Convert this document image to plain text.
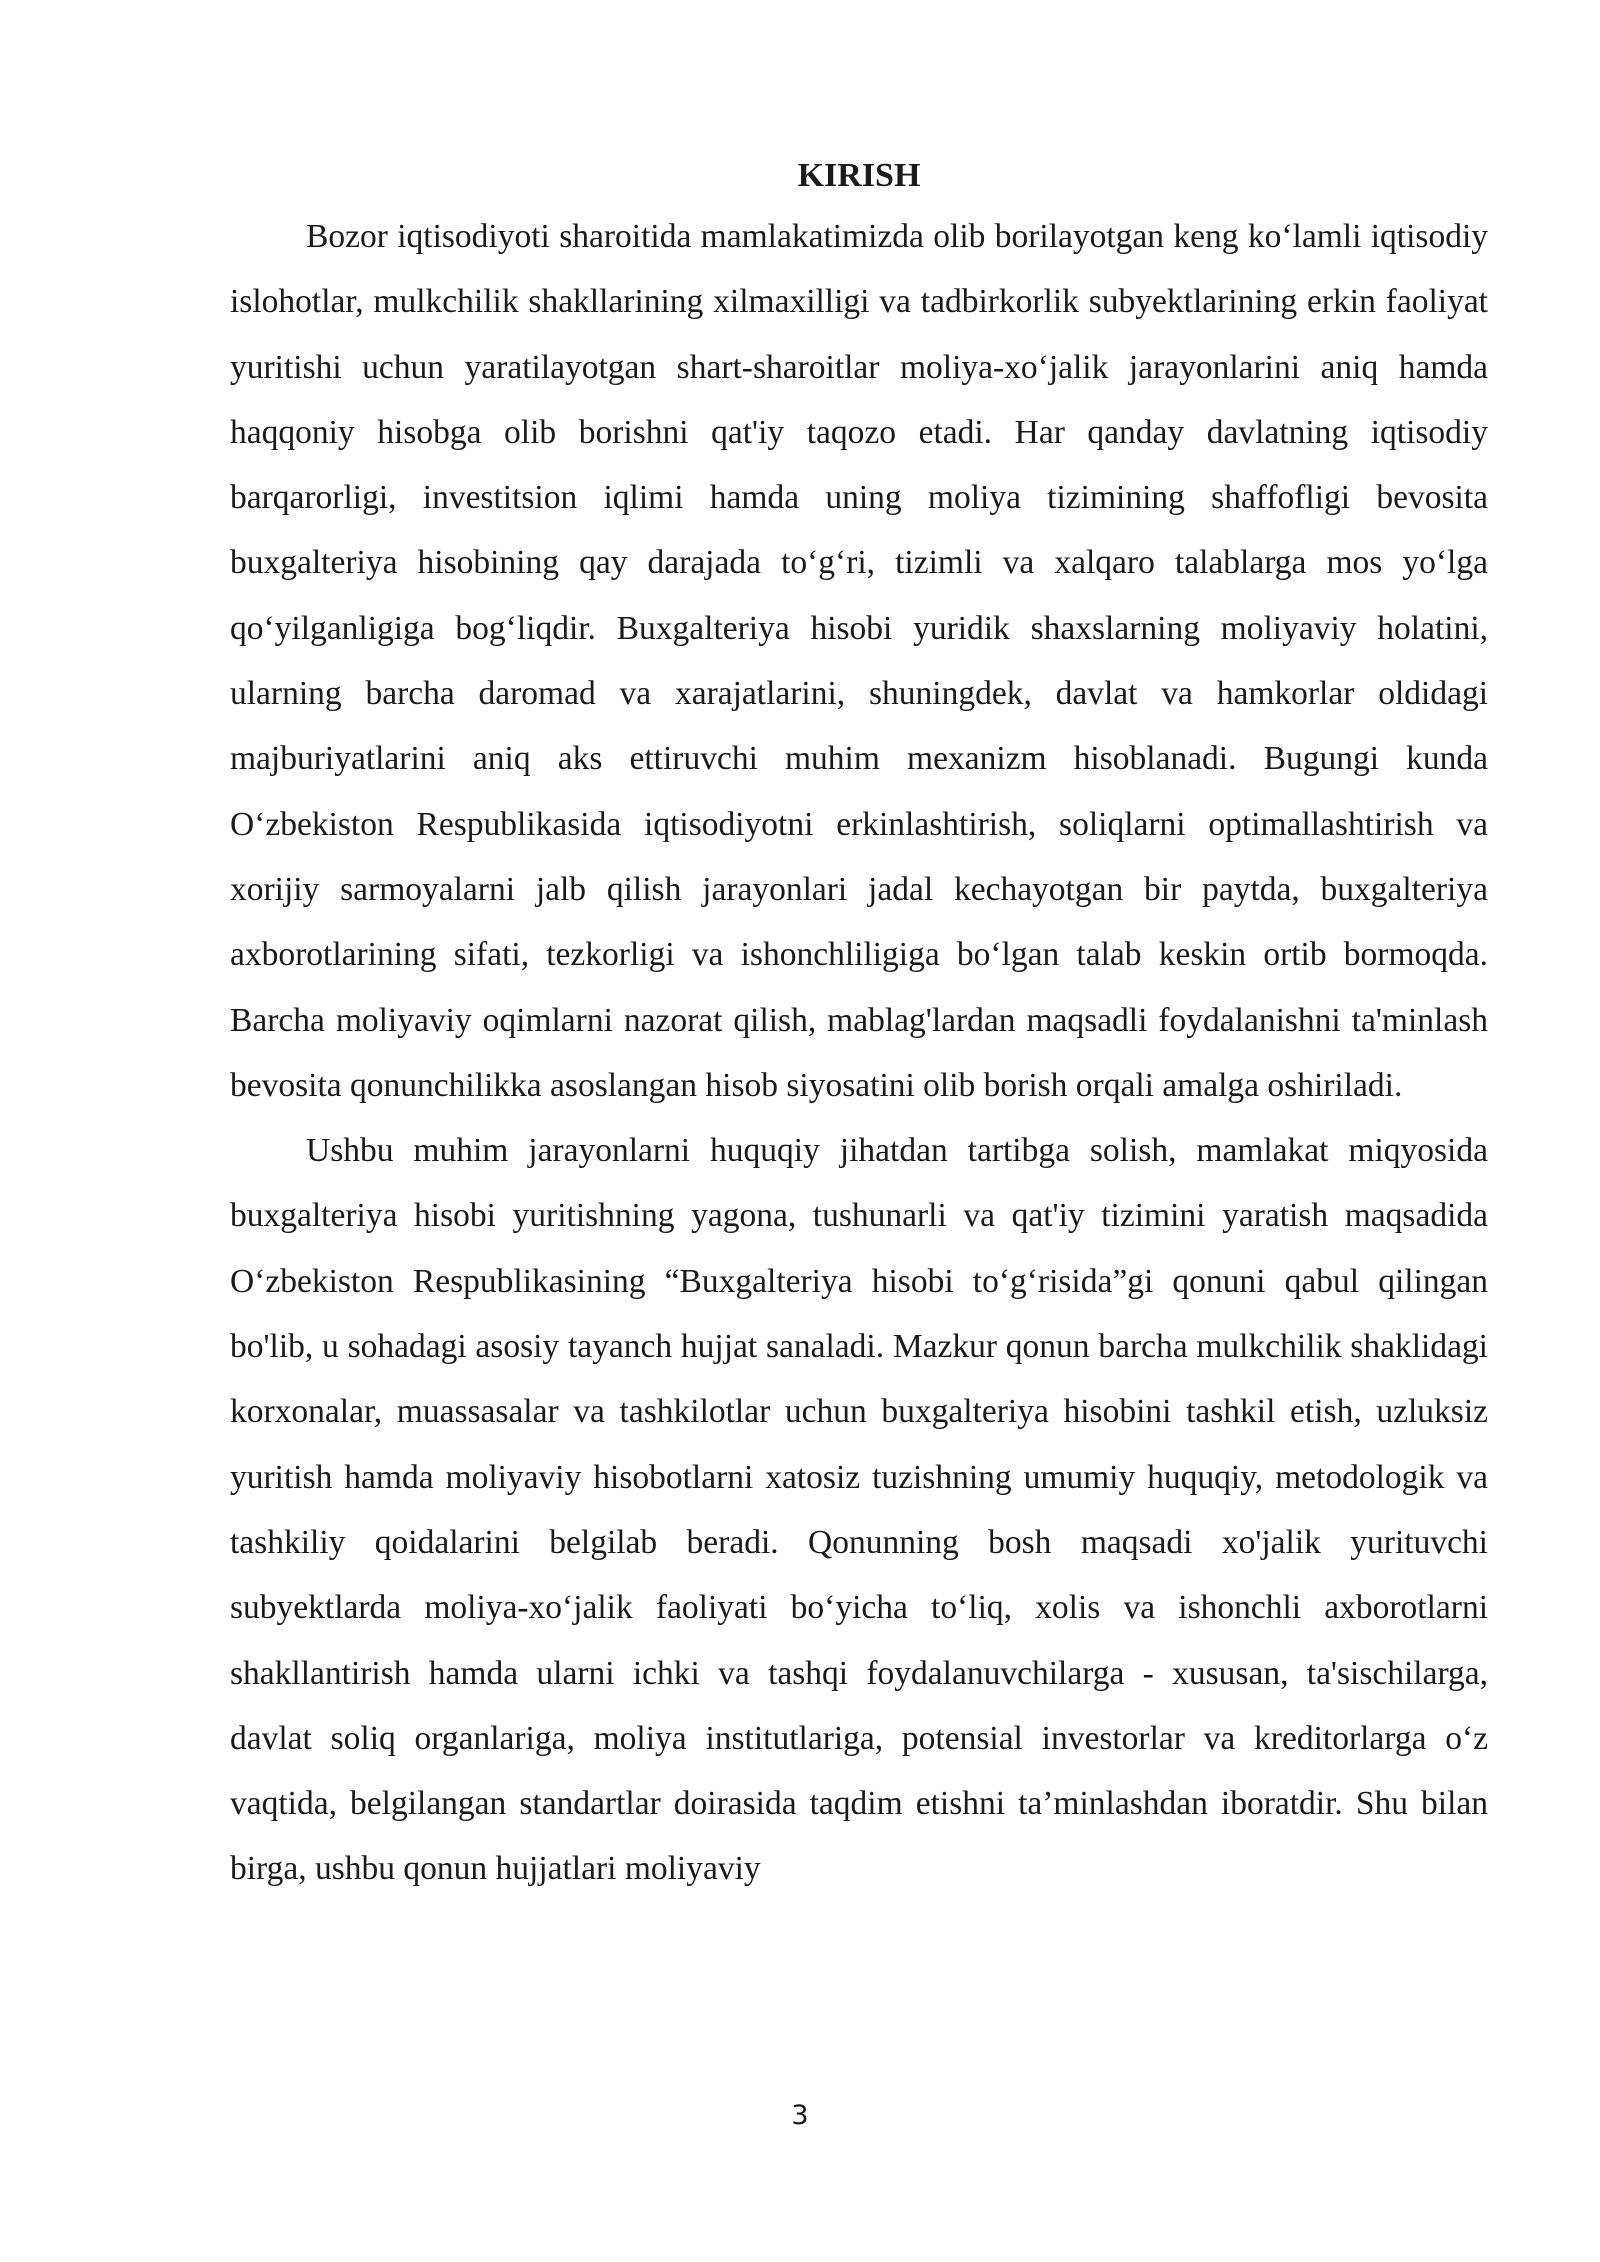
KIRISH

Bozor iqtisodiyoti sharoitida mamlakatimizda olib borilayotgan keng ko‘lamli iqtisodiy islohotlar, mulkchilik shakllarining xilmaxilligi va tadbirkorlik subyektlarining erkin faoliyat yuritishi uchun yaratilayotgan shart-sharoitlar moliya-xo‘jalik jarayonlarini aniq hamda haqqoniy hisobga olib borishni qat'iy taqozo etadi. Har qanday davlatning iqtisodiy barqarorligi, investitsion iqlimi hamda uning moliya tizimining shaffofligi bevosita buxgalteriya hisobining qay darajada to‘g‘ri, tizimli va xalqaro talablarga mos yo‘lga qo‘yilganligiga bog‘liqdir. Buxgalteriya hisobi yuridik shaxslarning moliyaviy holatini, ularning barcha daromad va xarajatlarini, shuningdek, davlat va hamkorlar oldidagi majburiyatlarini aniq aks ettiruvchi muhim mexanizm hisoblanadi. Bugungi kunda O‘zbekiston Respublikasida iqtisodiyotni erkinlashtirish, soliqlarni optimallashtirish va xorijiy sarmoyalarni jalb qilish jarayonlari jadal kechayotgan bir paytda, buxgalteriya axborotlarining sifati, tezkorligi va ishonchliligiga bo‘lgan talab keskin ortib bormoqda. Barcha moliyaviy oqimlarni nazorat qilish, mablag'lardan maqsadli foydalanishni ta'minlash bevosita qonunchilikka asoslangan hisob siyosatini olib borish orqali amalga oshiriladi.

Ushbu muhim jarayonlarni huquqiy jihatdan tartibga solish, mamlakat miqyosida buxgalteriya hisobi yuritishning yagona, tushunarli va qat'iy tizimini yaratish maqsadida O‘zbekiston Respublikasining “Buxgalteriya hisobi to‘g‘risida”gi qonuni qabul qilingan bo'lib, u sohadagi asosiy tayanch hujjat sanaladi. Mazkur qonun barcha mulkchilik shaklidagi korxonalar, muassasalar va tashkilotlar uchun buxgalteriya hisobini tashkil etish, uzluksiz yuritish hamda moliyaviy hisobotlarni xatosiz tuzishning umumiy huquqiy, metodologik va tashkiliy qoidalarini belgilab beradi. Qonunning bosh maqsadi xo'jalik yurituvchi subyektlarda moliya-xo‘jalik faoliyati bo‘yicha to‘liq, xolis va ishonchli axborotlarni shakllantirish hamda ularni ichki va tashqi foydalanuvchilarga - xususan, ta'sischilarga, davlat soliq organlariga, moliya institutlariga, potensial investorlar va kreditorlarga o‘z vaqtida, belgilangan standartlar doirasida taqdim etishni ta’minlashdan iboratdir. Shu bilan birga, ushbu qonun hujjatlari moliyaviy

3
